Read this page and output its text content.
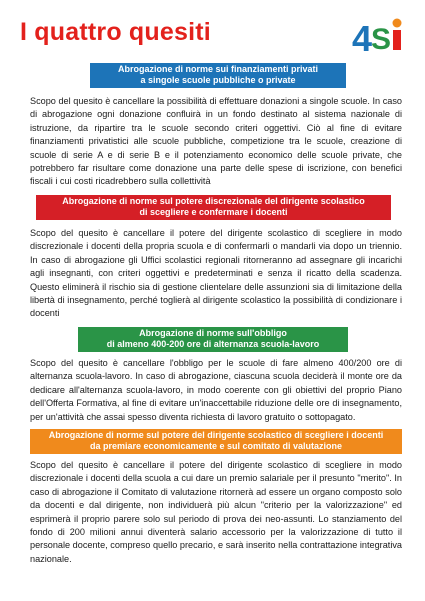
I quattro quesiti	4
S
Abrogazione di norme sui finanziamenti privati
a singole scuole pubbliche o private

Scopo del quesito è cancellare la possibilità di effettuare donazioni a singole scuole. In caso di abrogazione ogni donazione confluirà in un fondo destinato al sistema nazionale di istruzione, da ripartire tra le scuole secondo criteri oggettivi. Ciò al fine di evitare finanziamenti privatistici alle scuole pubbliche, competizione tra le scuole, creazione di scuole di serie A e di serie B e il potenziamento economico delle scuole private, che potrebbero far risultare come donazione una parte delle spese di iscrizione, con benefici fiscali i cui costi ricadrebbero sulla collettività

Abrogazione di norme sul potere discrezionale del dirigente scolastico
di scegliere e confermare i docenti

Scopo del quesito è cancellare il potere del dirigente scolastico di scegliere in modo discrezionale i docenti della propria scuola e di confermarli o mandarli via dopo un triennio. In caso di abrogazione gli Uffici scolastici regionali ritorneranno ad assegnare gli incarichi agli insegnanti, con criteri oggettivi e predeterminati e senza il ricatto della scadenza. Questo eliminerà il rischio sia di gestione clientelare delle assunzioni sia di limitazione della libertà di insegnamento, perché toglierà al dirigente scolastico la possibilità di condizionare i docenti

Abrogazione di norme sull'obbligo
di almeno 400-200 ore di alternanza scuola-lavoro

Scopo del quesito è cancellare l'obbligo per le scuole di fare almeno 400/200 ore di alternanza scuola-lavoro. In caso di abrogazione, ciascuna scuola deciderà il monte ore da dedicare all'alternanza scuola-lavoro, in modo coerente con gli obiettivi del proprio Piano dell'Offerta Formativa, al fine di evitare un'inaccettabile riduzione delle ore di insegnamento, per un'attività che assai spesso diventa richiesta di lavoro gratuito o sottopagato.

Abrogazione di norme sul potere del dirigente scolastico di scegliere i docenti
da premiare economicamente e sul comitato di valutazione

Scopo del quesito è cancellare il potere del dirigente scolastico di scegliere in modo discrezionale i docenti della scuola a cui dare un premio salariale per il presunto "merito". In caso di abrogazione il Comitato di valutazione ritornerà ad essere un organo composto solo da docenti e dal dirigente, non individuerà più alcun "criterio per la valorizzazione" ed esprimerà il proprio parere solo sul periodo di prova dei neo-assunti. Lo stanziamento del fondo di 200 milioni annui diventerà salario accessorio per la valorizzazione di tutto il personale docente, compreso quello precario, e sarà inserito nella contrattazione integrativa nazionale.
